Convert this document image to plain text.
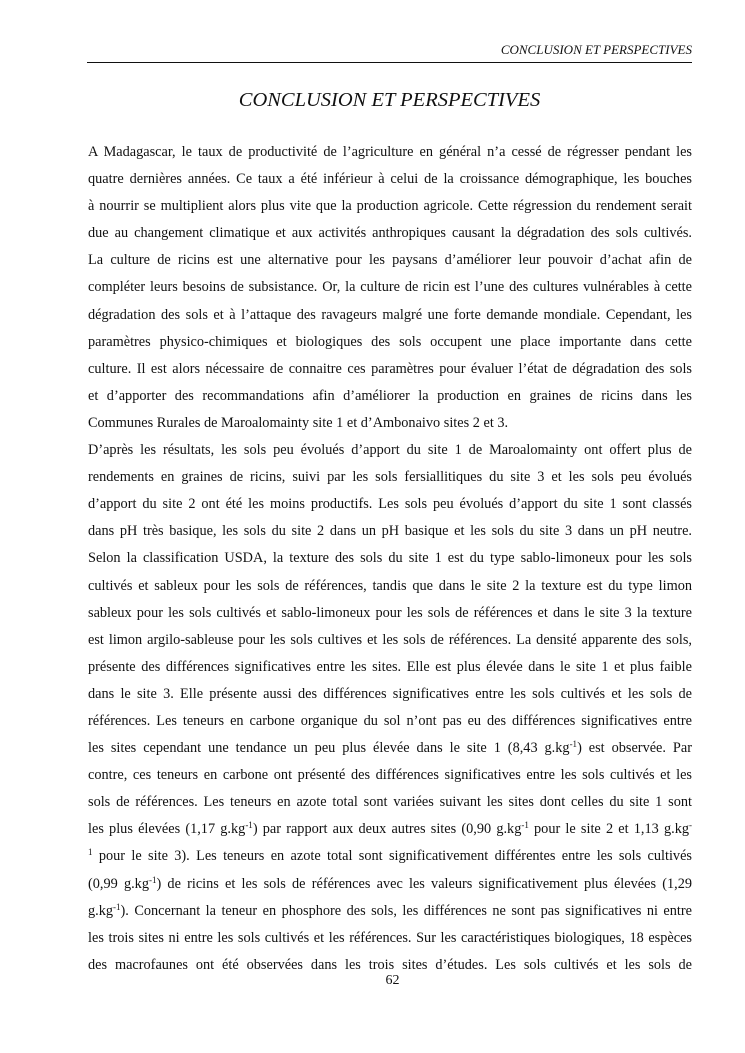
CONCLUSION ET PERSPECTIVES
CONCLUSION ET PERSPECTIVES
A Madagascar, le taux de productivité de l’agriculture en général n’a cessé de régresser pendant les
quatre dernières années. Ce taux a été inférieur à celui de la croissance démographique, les bouches
à nourrir se multiplient alors plus vite que la production agricole. Cette régression du rendement serait
due au changement climatique et aux activités anthropiques causant la dégradation des sols cultivés.
La culture de ricins est une alternative pour les paysans d’améliorer leur pouvoir d’achat afin de
compléter leurs besoins de subsistance. Or, la culture de ricin est l’une des cultures vulnérables à cette
dégradation des sols et à l’attaque des ravageurs malgré une forte demande mondiale. Cependant, les
paramètres physico-chimiques et biologiques des sols occupent une place importante dans cette
culture. Il est alors nécessaire de connaitre ces paramètres pour évaluer l’état de dégradation des sols
et d’apporter des recommandations afin d’améliorer la production en graines de ricins dans les
Communes Rurales de Maroalomainty site 1 et d’Ambonaivo sites 2 et 3.
D’après les résultats, les sols peu évolués d’apport du site 1 de Maroalomainty ont offert plus de
rendements en graines de ricins, suivi par les sols fersiallitiques du site 3 et les sols peu évolués
d’apport du site 2 ont été les moins productifs. Les sols peu évolués d’apport du site 1 sont classés
dans pH très basique, les sols du site 2 dans un pH basique et les sols du site 3 dans un pH neutre.
Selon la classification USDA, la texture des sols du site 1 est du type sablo-limoneux pour les sols
cultivés et sableux pour les sols de références, tandis que dans le site 2 la texture est du type limon
sableux pour les sols cultivés et sablo-limoneux pour les sols de références et dans le site 3 la texture
est limon argilo-sableuse pour les sols cultives et les sols de références. La densité apparente des sols,
présente des différences significatives entre les sites. Elle est plus élevée dans le site 1 et plus faible
dans le site 3. Elle présente aussi des différences significatives entre les sols cultivés et les sols de
références. Les teneurs en carbone organique du sol n’ont pas eu des différences significatives entre
les sites cependant une tendance un peu plus élevée dans le site 1 (8,43 $g.kg^{-1}$) est observée. Par
contre, ces teneurs en carbone ont présenté des différences significatives entre les sols cultivés et les
sols de références. Les teneurs en azote total sont variées suivant les sites dont celles du site 1 sont
les plus élevées (1,17 $g.kg^{-1}$) par rapport aux deux autres sites (0,90 $g.kg^{-1}$ pour le site 2 et 1,13 g.kg-
$^1$ pour le site 3). Les teneurs en azote total sont significativement différentes entre les sols cultivés
(0,99 $g.kg^{-1}$) de ricins et les sols de références avec les valeurs significativement plus élevées (1,29
$g.kg^{-1}$). Concernant la teneur en phosphore des sols, les différences ne sont pas significatives ni entre
les trois sites ni entre les sols cultivés et les références. Sur les caractéristiques biologiques, 18 espèces
des macrofaunes ont été observées dans les trois sites d’études. Les sols cultivés et les sols de
62
